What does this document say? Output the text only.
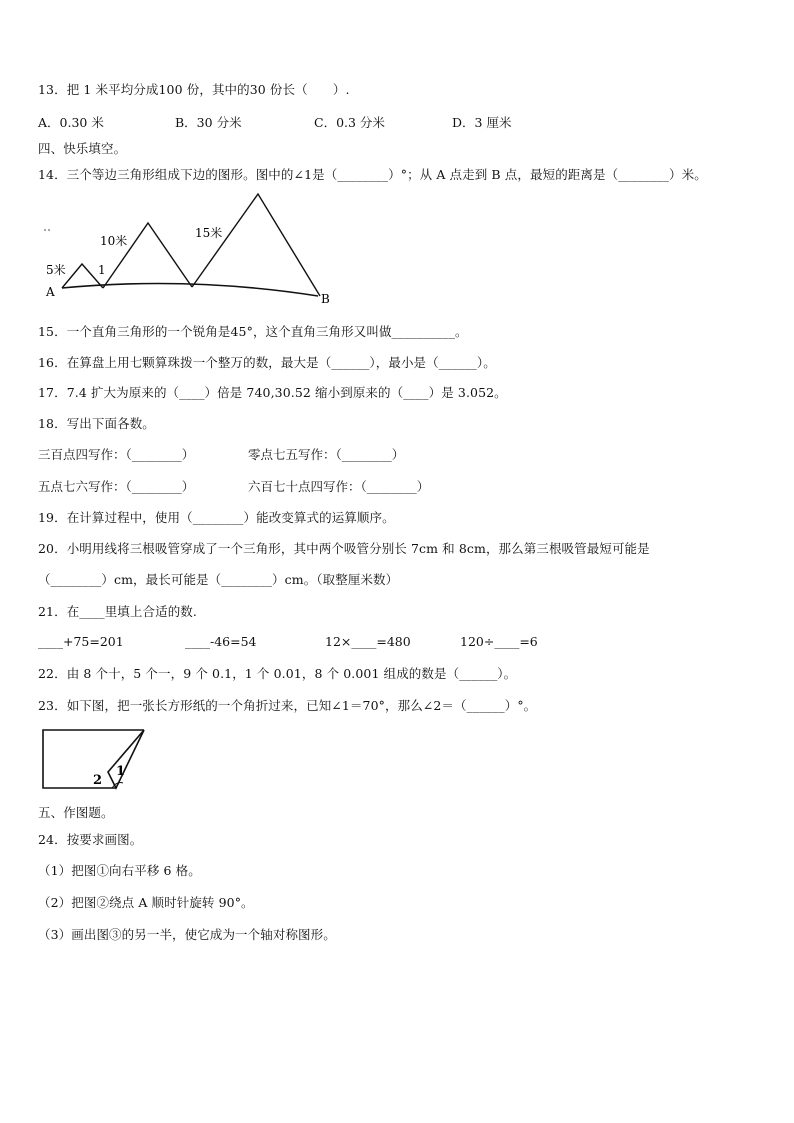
13．把 1 米平均分成100 份，其中的30 份长（　　）.
A．0.30 米	B．30 分米	C．0.3 分米	D．3 厘米
四、快乐填空。
14．三个等边三角形组成下边的图形。图中的∠1是（________）°；从 A 点走到 B 点，最短的距离是（________）米。
5米
10米
15米
1
A	B
15．一个直角三角形的一个锐角是45°，这个直角三角形又叫做__________。
16．在算盘上用七颗算珠拨一个整万的数，最大是（______），最小是（______）。
17．7.4 扩大为原来的（____）倍是 740,30.52 缩小到原来的（____）是 3.052。
18．写出下面各数。
三百点四写作：（________）	零点七五写作：（________）
五点七六写作：（________）	六百七十点四写作：（________）
19．在计算过程中，使用（________）能改变算式的运算顺序。
20．小明用线将三根吸管穿成了一个三角形，其中两个吸管分别长 7cm 和 8cm，那么第三根吸管最短可能是
（________）cm，最长可能是（________）cm。（取整厘米数）
21．在____里填上合适的数.
____+75=201	____-46=54	12×____=480	120÷____=6
22．由 8 个十，5 个一，9 个 0.1，1 个 0.01，8 个 0.001 组成的数是（______）。
23．如下图，把一张长方形纸的一个角折过来，已知∠1＝70°，那么∠2＝（______）°。
1
2
五、作图题。
24．按要求画图。
（1）把图①向右平移 6 格。
（2）把图②绕点 A 顺时针旋转 90°。
（3）画出图③的另一半，使它成为一个轴对称图形。
